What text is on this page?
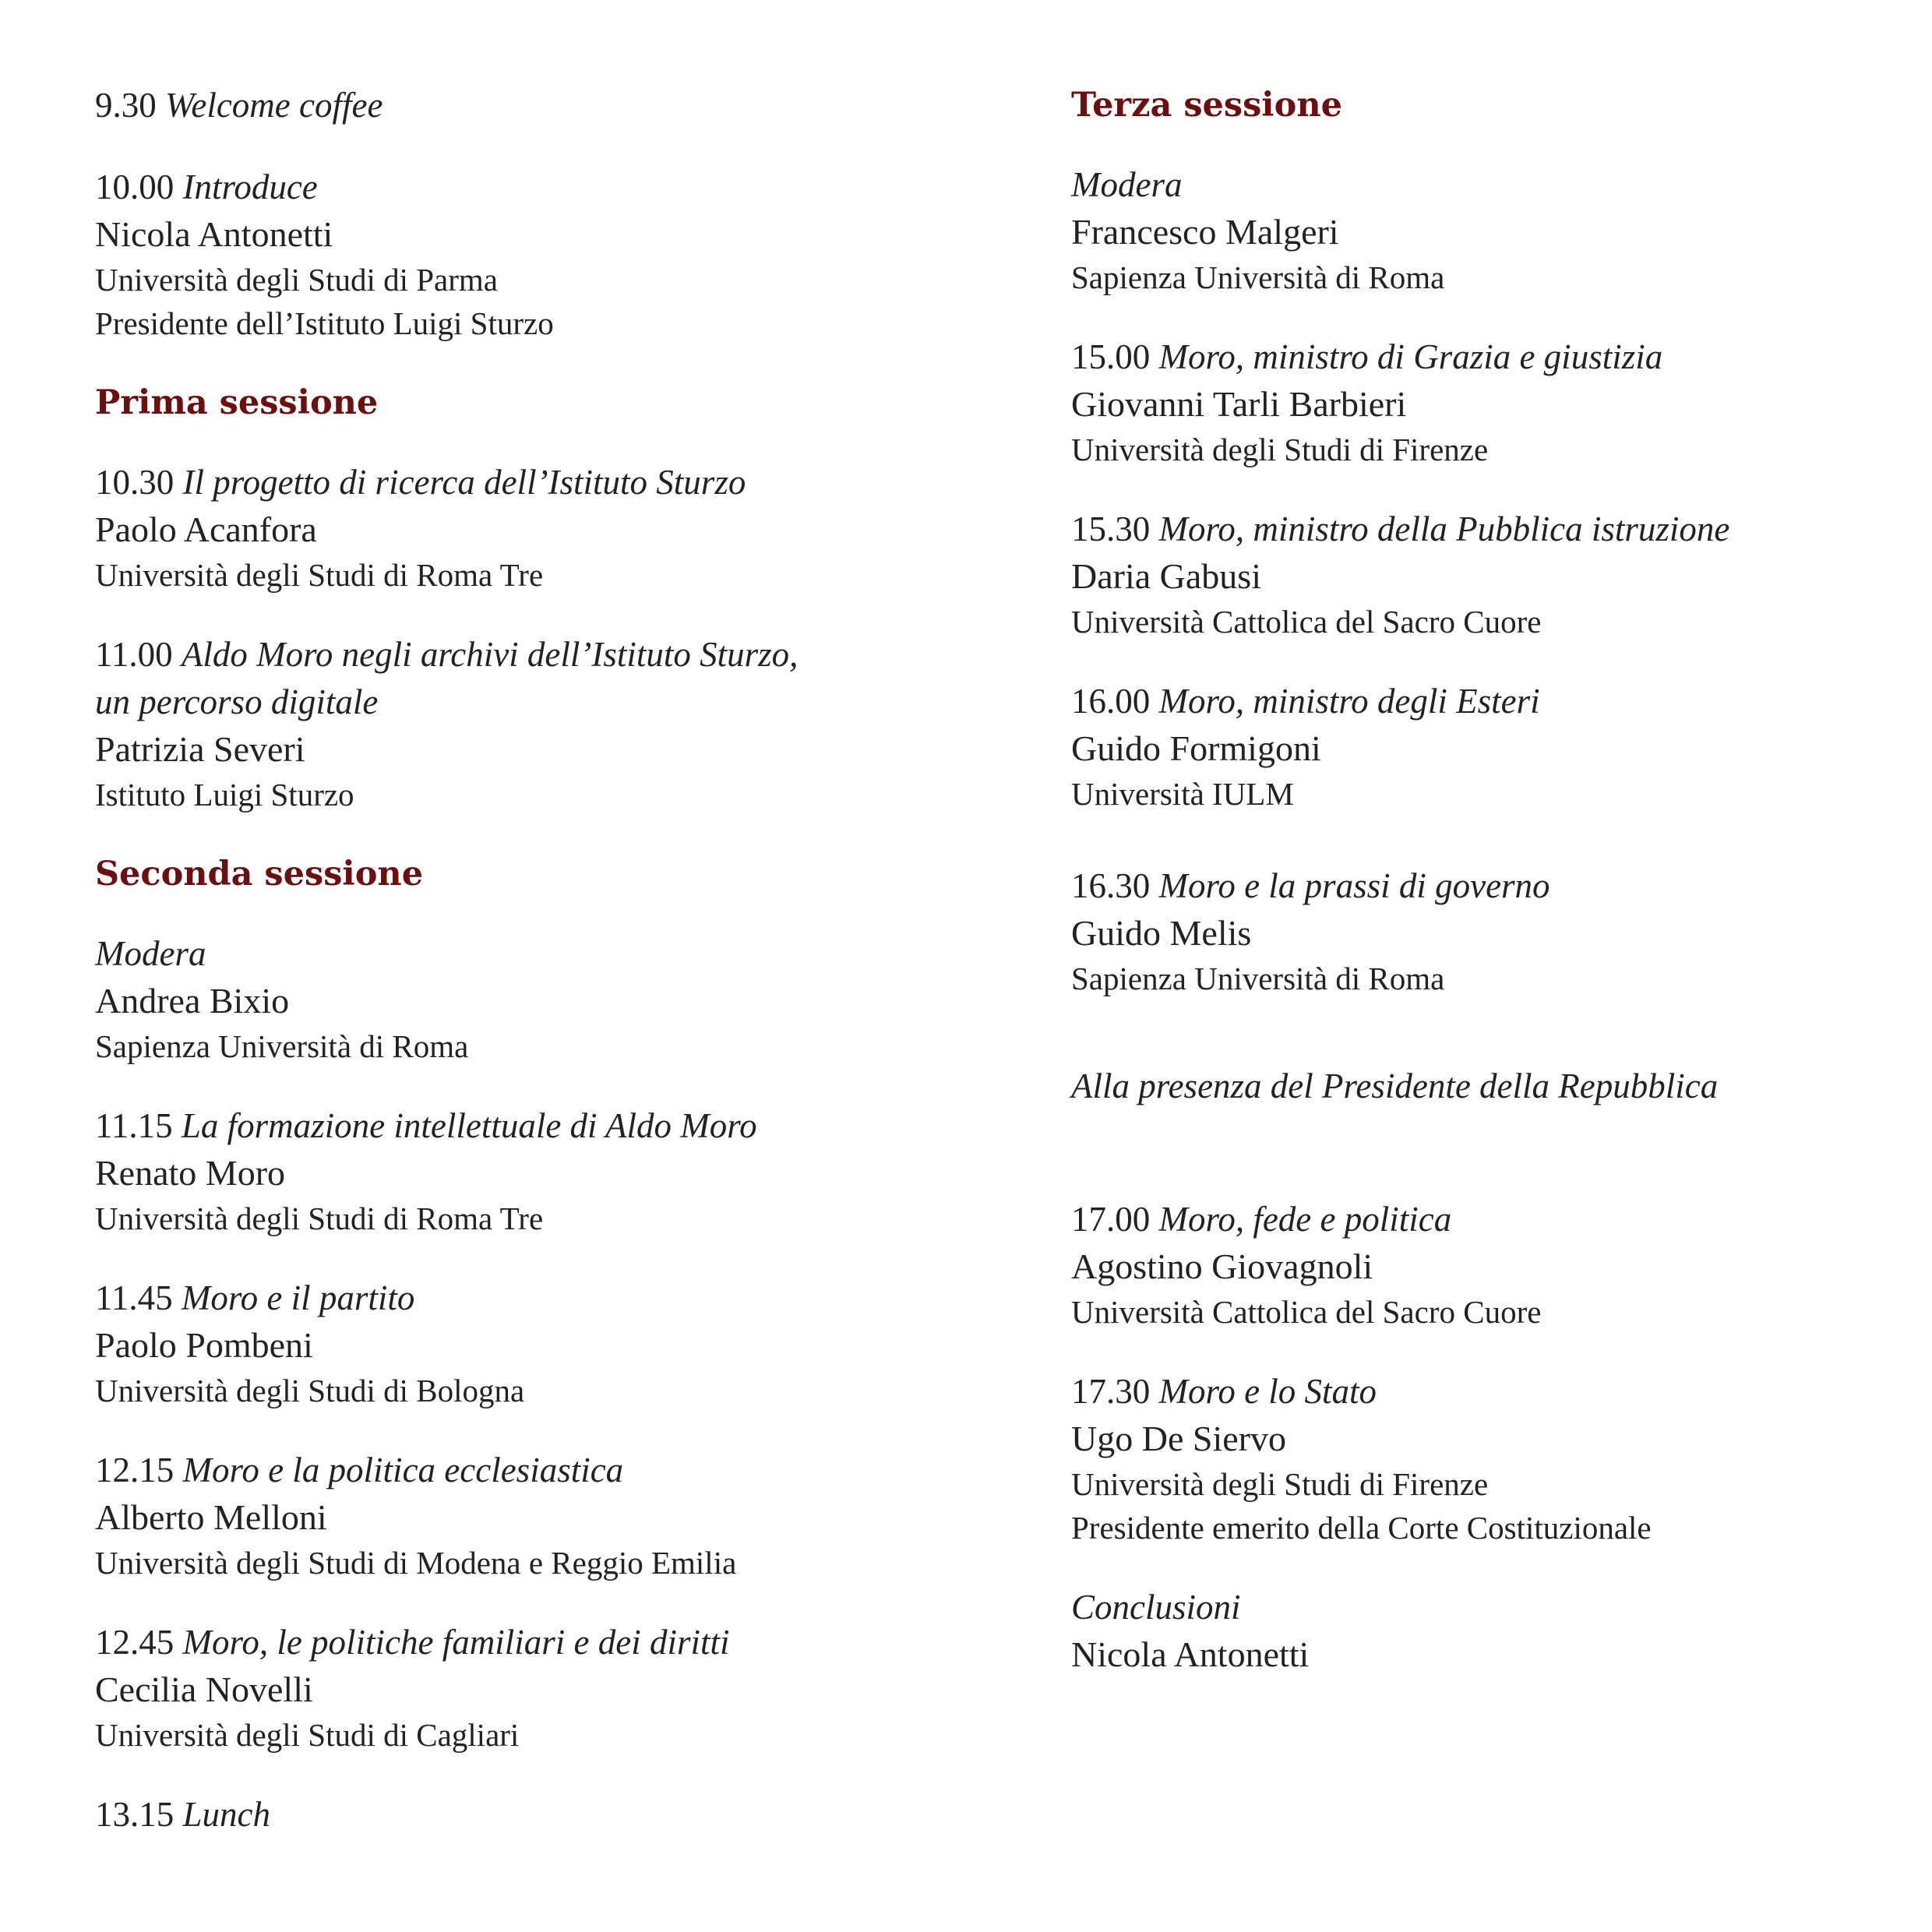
9.30 Welcome coffee
10.00 Introduce
Nicola Antonetti
Università degli Studi di Parma
Presidente dell’Istituto Luigi Sturzo
Prima sessione
10.30 Il progetto di ricerca dell’Istituto Sturzo
Paolo Acanfora
Università degli Studi di Roma Tre
11.00 Aldo Moro negli archivi dell’Istituto Sturzo,
un percorso digitale
Patrizia Severi
Istituto Luigi Sturzo
Seconda sessione
Modera
Andrea Bixio
Sapienza Università di Roma
11.15 La formazione intellettuale di Aldo Moro
Renato Moro
Università degli Studi di Roma Tre
11.45 Moro e il partito
Paolo Pombeni
Università degli Studi di Bologna
12.15 Moro e la politica ecclesiastica
Alberto Melloni
Università degli Studi di Modena e Reggio Emilia
12.45 Moro, le politiche familiari e dei diritti
Cecilia Novelli
Università degli Studi di Cagliari
13.15 Lunch
Terza sessione
Modera
Francesco Malgeri
Sapienza Università di Roma
15.00 Moro, ministro di Grazia e giustizia
Giovanni Tarli Barbieri
Università degli Studi di Firenze
15.30 Moro, ministro della Pubblica istruzione
Daria Gabusi
Università Cattolica del Sacro Cuore
16.00 Moro, ministro degli Esteri
Guido Formigoni
Università IULM
16.30 Moro e la prassi di governo
Guido Melis
Sapienza Università di Roma
Alla presenza del Presidente della Repubblica
17.00 Moro, fede e politica
Agostino Giovagnoli
Università Cattolica del Sacro Cuore
17.30 Moro e lo Stato
Ugo De Siervo
Università degli Studi di Firenze
Presidente emerito della Corte Costituzionale
Conclusioni
Nicola Antonetti
